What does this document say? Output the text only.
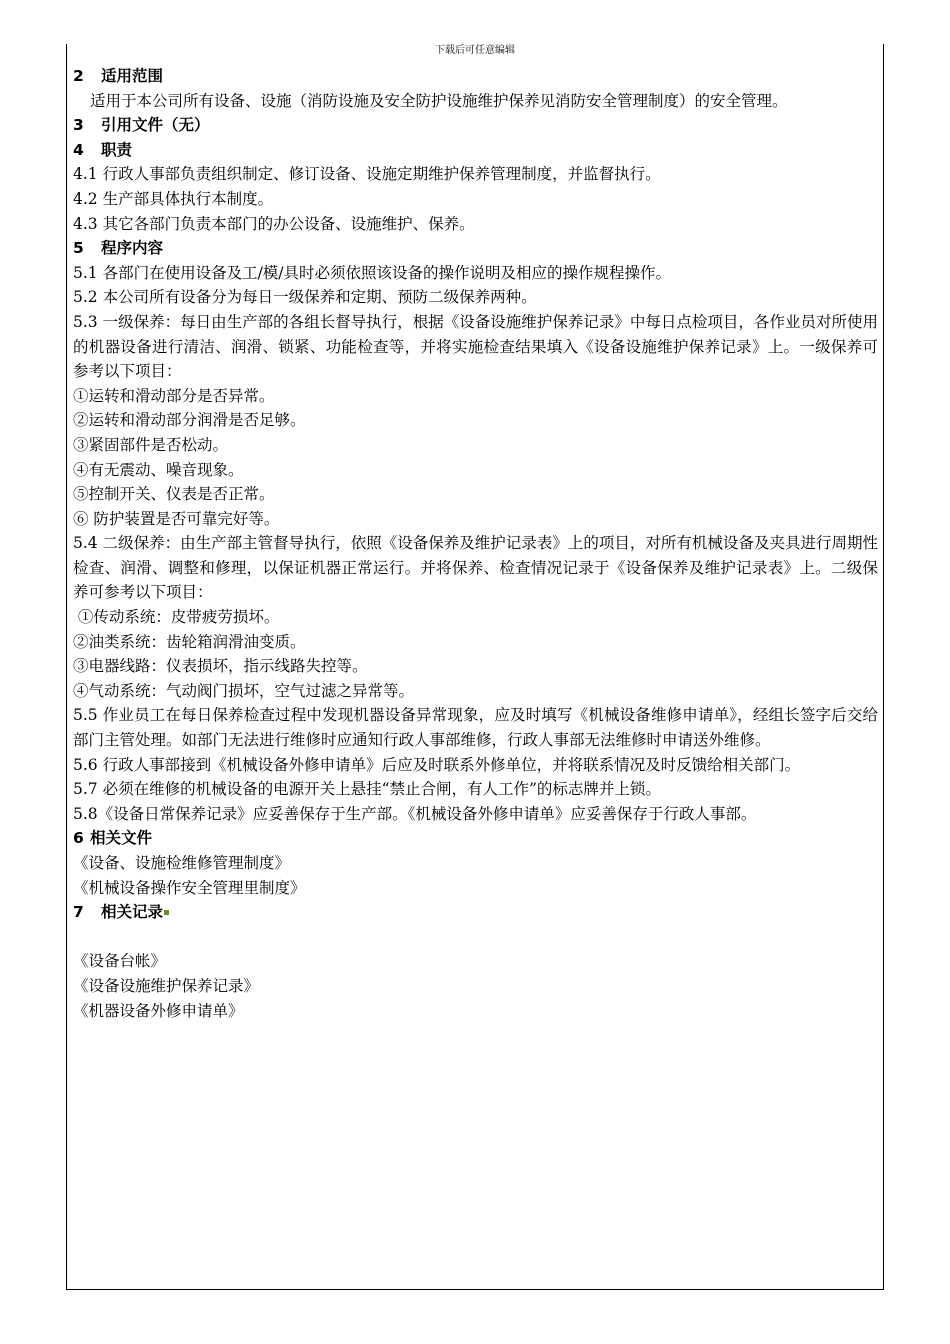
下载后可任意编辑
2 适用范围
适用于本公司所有设备、设施（消防设施及安全防护设施维护保养见消防安全管理制度）的安全管理。
3 引用文件（无）
4 职责
4.1 行政人事部负责组织制定、修订设备、设施定期维护保养管理制度，并监督执行。
4.2 生产部具体执行本制度。
4.3 其它各部门负责本部门的办公设备、设施维护、保养。
5 程序内容
5.1 各部门在使用设备及工/模/具时必须依照该设备的操作说明及相应的操作规程操作。
5.2 本公司所有设备分为每日一级保养和定期、预防二级保养两种。
5.3 一级保养：每日由生产部的各组长督导执行，根据《设备设施维护保养记录》中每日点检项目，各作业员对所使用的机器设备进行清洁、润滑、锁紧、功能检查等，并将实施检查结果填入《设备设施维护保养记录》上。一级保养可参考以下项目：
①运转和滑动部分是否异常。
②运转和滑动部分润滑是否足够。
③紧固部件是否松动。
④有无震动、噪音现象。
⑤控制开关、仪表是否正常。
⑥ 防护装置是否可靠完好等。
5.4 二级保养：由生产部主管督导执行，依照《设备保养及维护记录表》上的项目，对所有机械设备及夹具进行周期性检查、润滑、调整和修理，以保证机器正常运行。并将保养、检查情况记录于《设备保养及维护记录表》上。二级保养可参考以下项目：
①传动系统：皮带疲劳损坏。
②油类系统：齿轮箱润滑油变质。
③电器线路：仪表损坏，指示线路失控等。
④气动系统：气动阀门损坏，空气过滤之异常等。
5.5 作业员工在每日保养检查过程中发现机器设备异常现象，应及时填写《机械设备维修申请单》，经组长签字后交给部门主管处理。如部门无法进行维修时应通知行政人事部维修，行政人事部无法维修时申请送外维修。
5.6 行政人事部接到《机械设备外修申请单》后应及时联系外修单位，并将联系情况及时反馈给相关部门。
5.7 必须在维修的机械设备的电源开关上悬挂“禁止合闸，有人工作”的标志牌并上锁。
5.8《设备日常保养记录》应妥善保存于生产部。《机械设备外修申请单》应妥善保存于行政人事部。
6 相关文件
《设备、设施检维修管理制度》
《机械设备操作安全管理里制度》
7 相关记录
《设备台帐》
《设备设施维护保养记录》
《机器设备外修申请单》
